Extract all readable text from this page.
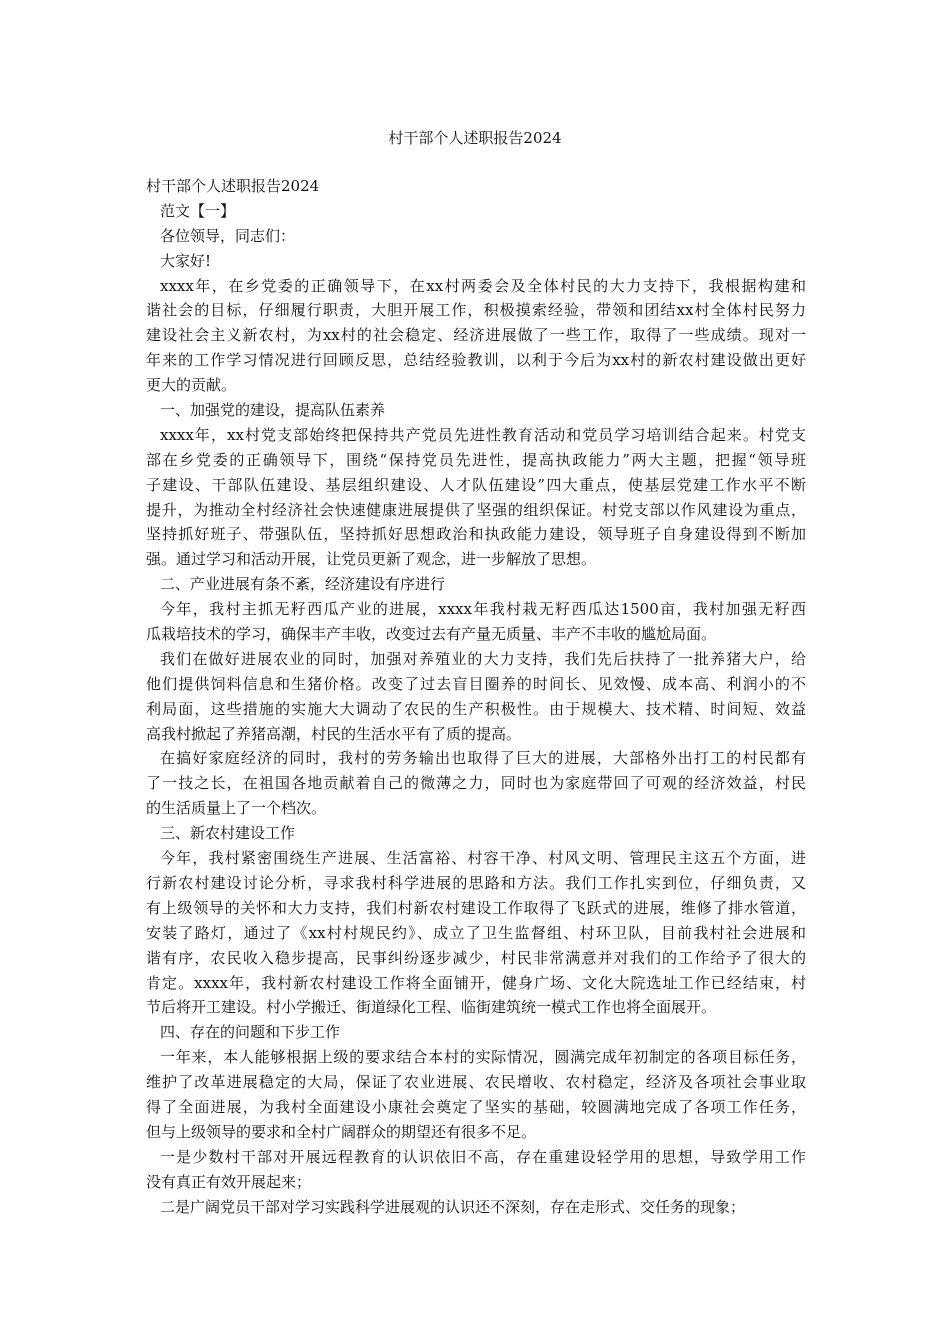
村干部个人述职报告2024
村干部个人述职报告2024
范文【一】
各位领导，同志们：
大家好!
xxxx年，在乡党委的正确领导下，在xx村两委会及全体村民的大力支持下，我根据构建和
谐社会的目标，仔细履行职责，大胆开展工作，积极摸索经验，带领和团结xx村全体村民努力
建设社会主义新农村，为xx村的社会稳定、经济进展做了一些工作，取得了一些成绩。现对一
年来的工作学习情况进行回顾反思，总结经验教训，以利于今后为xx村的新农村建设做出更好
更大的贡献。
一、加强党的建设，提高队伍素养
xxxx年，xx村党支部始终把保持共产党员先进性教育活动和党员学习培训结合起来。村党支
部在乡党委的正确领导下，围绕“保持党员先进性，提高执政能力”两大主题，把握“领导班
子建设、干部队伍建设、基层组织建设、人才队伍建设”四大重点，使基层党建工作水平不断
提升，为推动全村经济社会快速健康进展提供了坚强的组织保证。村党支部以作风建设为重点，
坚持抓好班子、带强队伍，坚持抓好思想政治和执政能力建设，领导班子自身建设得到不断加
强。通过学习和活动开展，让党员更新了观念，进一步解放了思想。
二、产业进展有条不紊，经济建设有序进行
今年，我村主抓无籽西瓜产业的进展，xxxx年我村栽无籽西瓜达1500亩，我村加强无籽西
瓜栽培技术的学习，确保丰产丰收，改变过去有产量无质量、丰产不丰收的尴尬局面。
我们在做好进展农业的同时，加强对养殖业的大力支持，我们先后扶持了一批养猪大户，给
他们提供饲料信息和生猪价格。改变了过去盲目圈养的时间长、见效慢、成本高、利润小的不
利局面，这些措施的实施大大调动了农民的生产积极性。由于规模大、技术精、时间短、效益
高我村掀起了养猪高潮，村民的生活水平有了质的提高。
在搞好家庭经济的同时，我村的劳务输出也取得了巨大的进展，大部格外出打工的村民都有
了一技之长，在祖国各地贡献着自己的微薄之力，同时也为家庭带回了可观的经济效益，村民
的生活质量上了一个档次。
三、新农村建设工作
今年，我村紧密围绕生产进展、生活富裕、村容干净、村风文明、管理民主这五个方面，进
行新农村建设讨论分析，寻求我村科学进展的思路和方法。我们工作扎实到位，仔细负责，又
有上级领导的关怀和大力支持，我们村新农村建设工作取得了飞跃式的进展，维修了排水管道，
安装了路灯，通过了《xx村村规民约》、成立了卫生监督组、村环卫队，目前我村社会进展和
谐有序，农民收入稳步提高，民事纠纷逐步减少，村民非常满意并对我们的工作给予了很大的
肯定。xxxx年，我村新农村建设工作将全面铺开，健身广场、文化大院选址工作已经结束，村
节后将开工建设。村小学搬迁、街道绿化工程、临街建筑统一模式工作也将全面展开。
四、存在的问题和下步工作
一年来，本人能够根据上级的要求结合本村的实际情况，圆满完成年初制定的各项目标任务，
维护了改革进展稳定的大局，保证了农业进展、农民增收、农村稳定，经济及各项社会事业取
得了全面进展，为我村全面建设小康社会奠定了坚实的基础，较圆满地完成了各项工作任务，
但与上级领导的要求和全村广阔群众的期望还有很多不足。
一是少数村干部对开展远程教育的认识依旧不高，存在重建设轻学用的思想，导致学用工作
没有真正有效开展起来；
二是广阔党员干部对学习实践科学进展观的认识还不深刻，存在走形式、交任务的现象；
